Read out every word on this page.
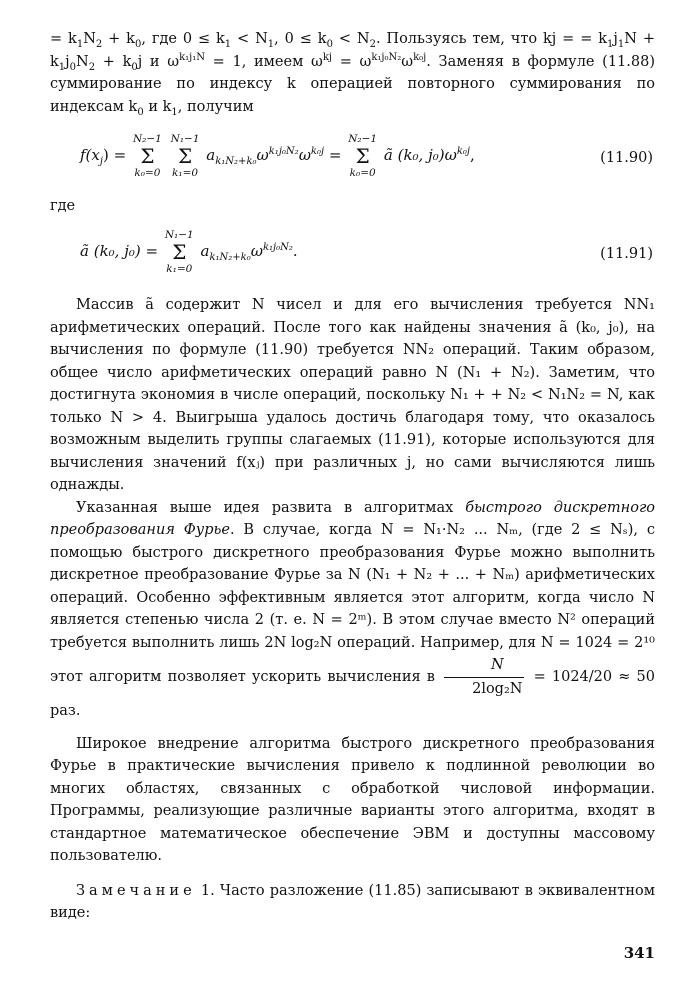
= $k_1N_2 + k_0$, где $0 \le k_1 < N_1$, $0 \le k_0 < N_2$. Пользуясь тем, что kj = = $k_1j_1N + k_1j_0N_2 + k_0j$ и $\omega^{k_1j_1N} = 1$, имеем $\omega^{kj} = \omega^{k_1j_0N_2}\omega^{k_0j}$. Заменяя в формуле (11.88) суммирование по индексу k операцией повторного суммирования по индексам $k_0$ и $k_1$, получим

$f(x_j)$ =
N₂−1
Σ
k₀=0

N₁−1
Σ
k₁=0
$a_{k_1N_2+k_0}\omega^{k_1j_0N_2}\omega^{k_0j}$ =
N₂−1
Σ
k₀=0
ã (k₀, $j_0)\omega^{k_0j}$,	(11.90)

где

ã (k₀, j₀) =
N₁−1
Σ
k₁=0
$a_{k_1N_2+k_0}\omega^{k_1j_0N_2}$.	(11.91)

Массив ã содержит N чисел и для его вычисления требуется NN₁ арифметических операций. После того как найдены значения ã (k₀, j₀), на вычисления по формуле (11.90) требуется NN₂ операций. Таким образом, общее число арифметических операций равно N (N₁ + N₂). Заметим, что достигнута экономия в числе операций, поскольку N₁ + + N₂ < N₁N₂ = N, как только N > 4. Выигрыша удалось достичь благодаря тому, что оказалось возможным выделить группы слагаемых (11.91), которые используются для вычисления значений f(xⱼ) при различных j, но сами вычисляются лишь однажды.

Указанная выше идея развита в алгоритмах быстрого дискретного преобразования Фурье. В случае, когда N = N₁·N₂ ... Nₘ, (где 2 ≤ Nₛ), с помощью быстрого дискретного преобразования Фурье можно выполнить дискретное преобразование Фурье за N (N₁ + N₂ + ... + Nₘ) арифметических операций. Особенно эффективным является этот алгоритм, когда число N является степенью числа 2 (т. е. N = 2ᵐ). В этом случае вместо N² операций требуется выполнить лишь 2N log₂N операций. Например, для N = 1024 = 2¹⁰ этот алгоритм позволяет ускорить вычисления в $\frac{N}{\text{2log₂N}} = 1024/20 \approx 50$ раз.

Широкое внедрение алгоритма быстрого дискретного преобразования Фурье в практические вычисления привело к подлинной революции во многих областях, связанных с обработкой числовой информации. Программы, реализующие различные варианты этого алгоритма, входят в стандартное математическое обеспечение ЭВМ и доступны массовому пользователю.

Замечание 1. Часто разложение (11.85) записывают в эквивалентном виде:

341
